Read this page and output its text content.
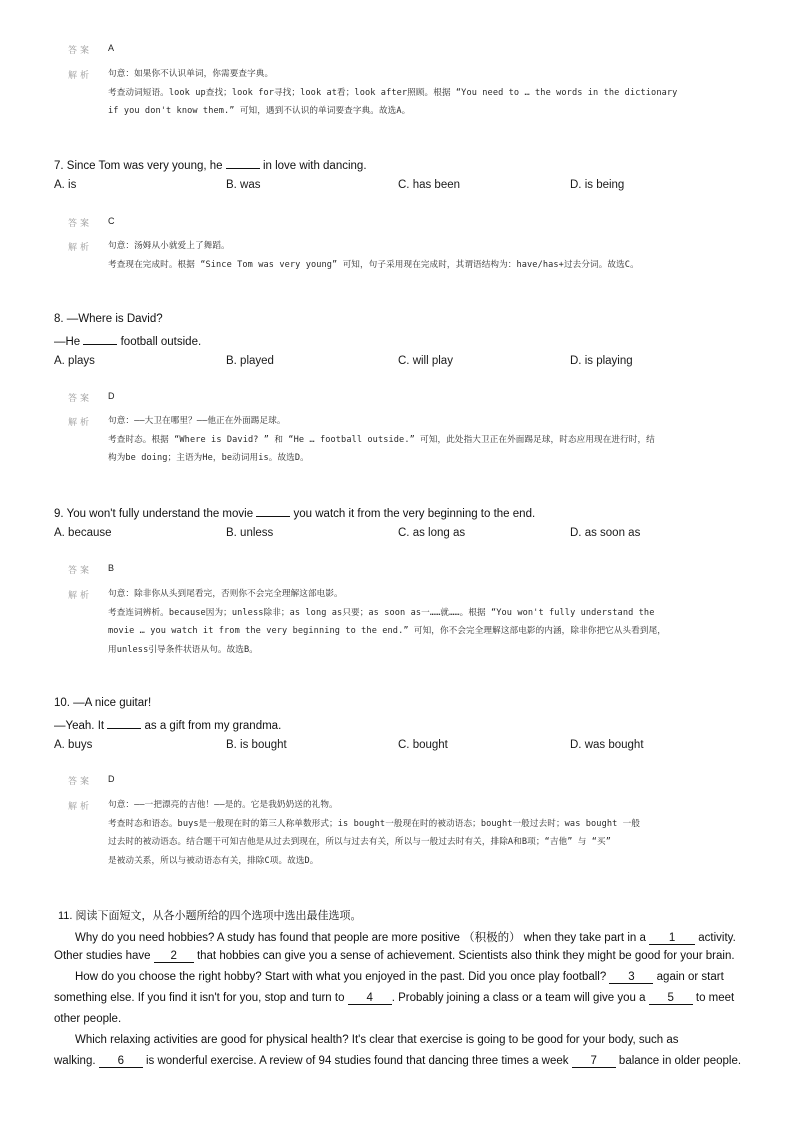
答案 A
解析 句意：如果你不认识单词，你需要查字典。
考查动词短语。look up查找；look for寻找；look at看；look after照顾。根据 “You need to … the words in the dictionary
if you don't know them.” 可知，遇到不认识的单词要查字典。故选A。
7. Since Tom was very young, he	in love with dancing.
A. is	B. was	C. has been	D. is being
答案 C
解析 句意：汤姆从小就爱上了舞蹈。
考查现在完成时。根据 “Since Tom was very young” 可知，句子采用现在完成时，其谓语结构为：have/has+过去分词。故选C。
8. —Where is David?
—He	football outside.
A. plays	B. played	C. will play	D. is playing
答案 D
解析 句意：——大卫在哪里？——他正在外面踢足球。
考查时态。根据 “Where is David? ” 和 “He … football outside.” 可知，此处指大卫正在外面踢足球，时态应用现在进行时，结
构为be doing；主语为He，be动词用is。故选D。
9. You won't fully understand the movie	you watch it from the very beginning to the end.
A. because	B. unless	C. as long as	D. as soon as
答案 B
解析 句意：除非你从头到尾看完，否则你不会完全理解这部电影。
考查连词辨析。because因为；unless除非；as long as只要；as soon as一……就……。根据 “You won't fully understand the
movie … you watch it from the very beginning to the end.” 可知，你不会完全理解这部电影的内涵，除非你把它从头看到尾，
用unless引导条件状语从句。故选B。
10. —A nice guitar!
—Yeah. It	as a gift from my grandma.
A. buys	B. is bought	C. bought	D. was bought
答案 D
解析 句意：——一把漂亮的吉他！——是的。它是我奶奶送的礼物。
考查时态和语态。buys是一般现在时的第三人称单数形式；is bought一般现在时的被动语态；bought一般过去时；was bought 一般
过去时的被动语态。结合题干可知吉他是从过去到现在，所以与过去有关，所以与一般过去时有关，排除A和B项；“吉他” 与 “买”
是被动关系，所以与被动语态有关，排除C项。故选D。
11. 阅读下面短文，从各小题所给的四个选项中选出最佳选项。
Why do you need hobbies? A study has found that people are more positive （积极的） when they take part in a 1 activity.
Other studies have 2 that hobbies can give you a sense of achievement. Scientists also think they might be good for your brain.
How do you choose the right hobby? Start with what you enjoyed in the past. Did you once play football? 3 again or start
something else. If you find it isn't for you, stop and turn to 4 . Probably joining a class or a team will give you a 5 to meet
other people.
Which relaxing activities are good for physical health? It's clear that exercise is going to be good for your body, such as
walking. 6 is wonderful exercise. A review of 94 studies found that dancing three times a week 7 balance in older people.
